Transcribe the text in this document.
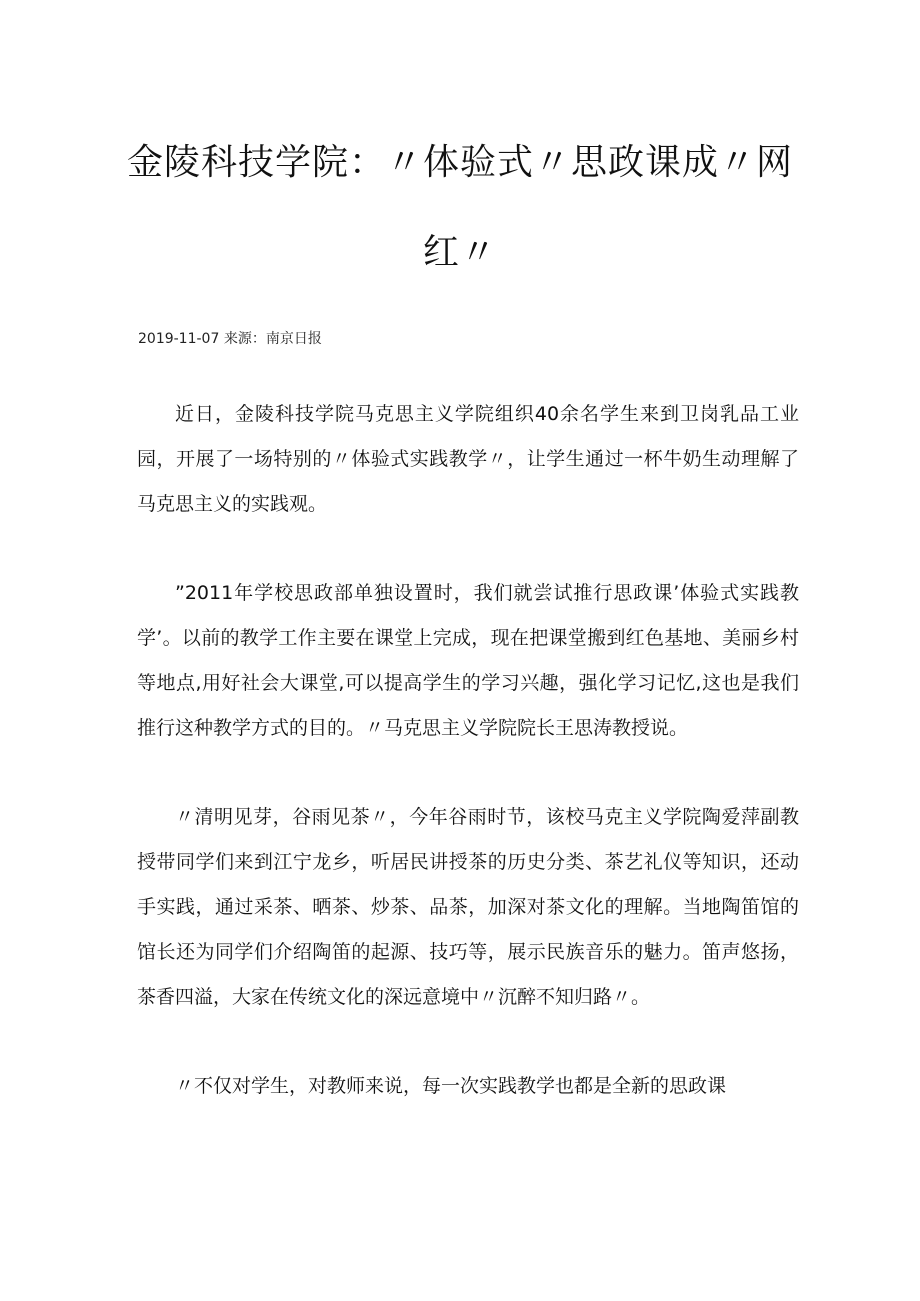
金陵科技学院：〃体验式〃思政课成〃网红〃
2019-11-07 来源：南京日报

近日，金陵科技学院马克思主义学院组织40余名学生来到卫岗乳品工业园，开展了一场特别的〃体验式实践教学〃，让学生通过一杯牛奶生动理解了马克思主义的实践观。

”2011年学校思政部单独设置时，我们就尝试推行思政课’体验式实践教学’。以前的教学工作主要在课堂上完成，现在把课堂搬到红色基地、美丽乡村等地点,用好社会大课堂,可以提高学生的学习兴趣，强化学习记忆,这也是我们推行这种教学方式的目的。〃马克思主义学院院长王思涛教授说。

〃清明见芽，谷雨见茶〃，今年谷雨时节，该校马克主义学院陶爱萍副教授带同学们来到江宁龙乡，听居民讲授茶的历史分类、茶艺礼仪等知识，还动手实践，通过采茶、晒茶、炒茶、品茶，加深对茶文化的理解。当地陶笛馆的馆长还为同学们介绍陶笛的起源、技巧等，展示民族音乐的魅力。笛声悠扬，茶香四溢，大家在传统文化的深远意境中〃沉醉不知归路〃。

〃不仅对学生，对教师来说，每一次实践教学也都是全新的思政课
